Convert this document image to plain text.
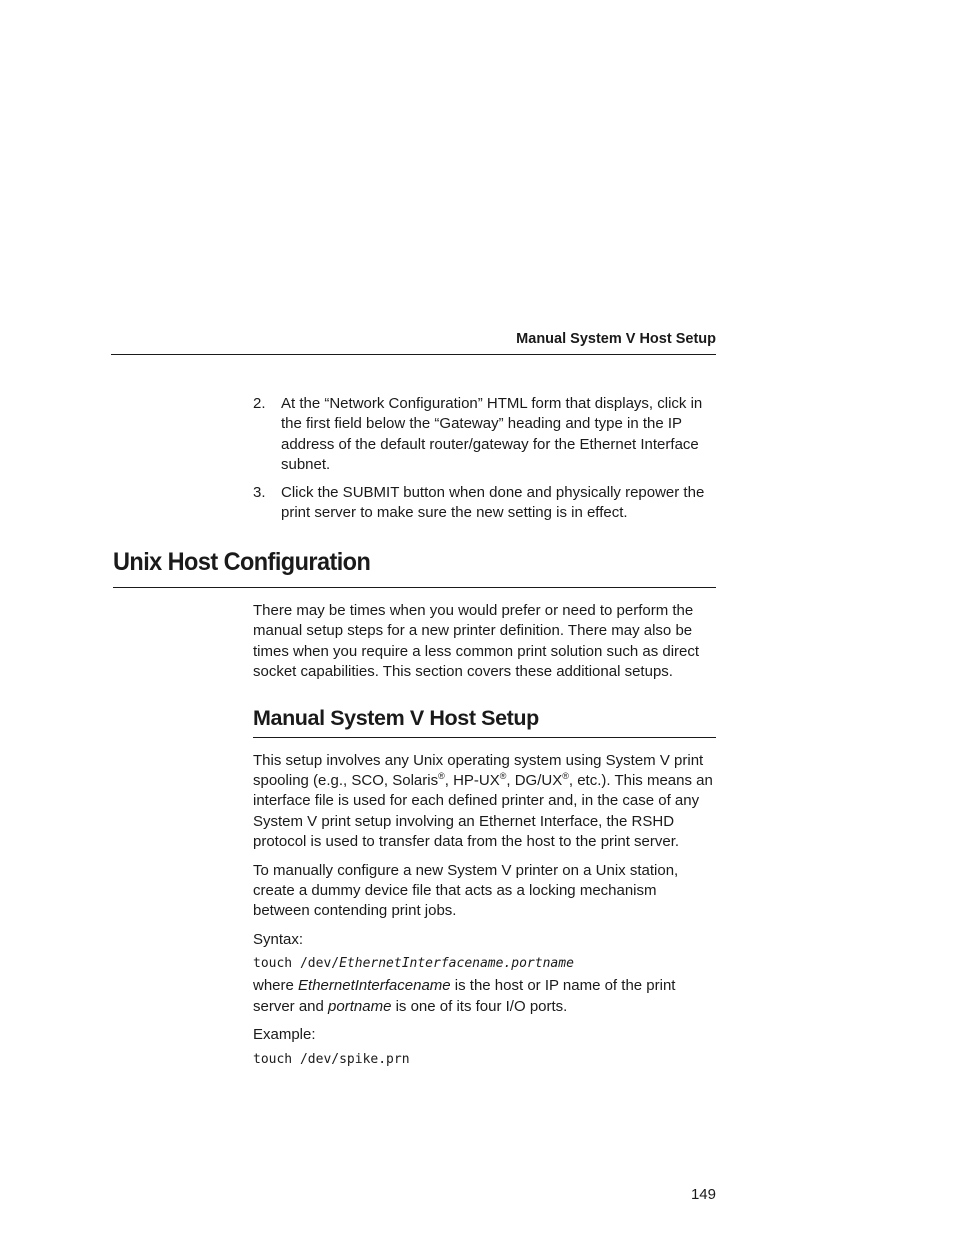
Manual System V Host Setup
2. At the “Network Configuration” HTML form that displays, click in the first field below the “Gateway” heading and type in the IP address of the default router/gateway for the Ethernet Interface subnet.
3. Click the SUBMIT button when done and physically repower the print server to make sure the new setting is in effect.
Unix Host Configuration

There may be times when you would prefer or need to perform the manual setup steps for a new printer definition. There may also be times when you require a less common print solution such as direct socket capabilities. This section covers these additional setups.

Manual System V Host Setup

This setup involves any Unix operating system using System V print spooling (e.g., SCO, Solaris®, HP-UX®, DG/UX®, etc.). This means an interface file is used for each defined printer and, in the case of any System V print setup involving an Ethernet Interface, the RSHD protocol is used to transfer data from the host to the print server.

To manually configure a new System V printer on a Unix station, create a dummy device file that acts as a locking mechanism between contending print jobs.

Syntax:

touch /dev/EthernetInterfacename.portname

where EthernetInterfacename is the host or IP name of the print server and portname is one of its four I/O ports.

Example:

touch /dev/spike.prn
149
